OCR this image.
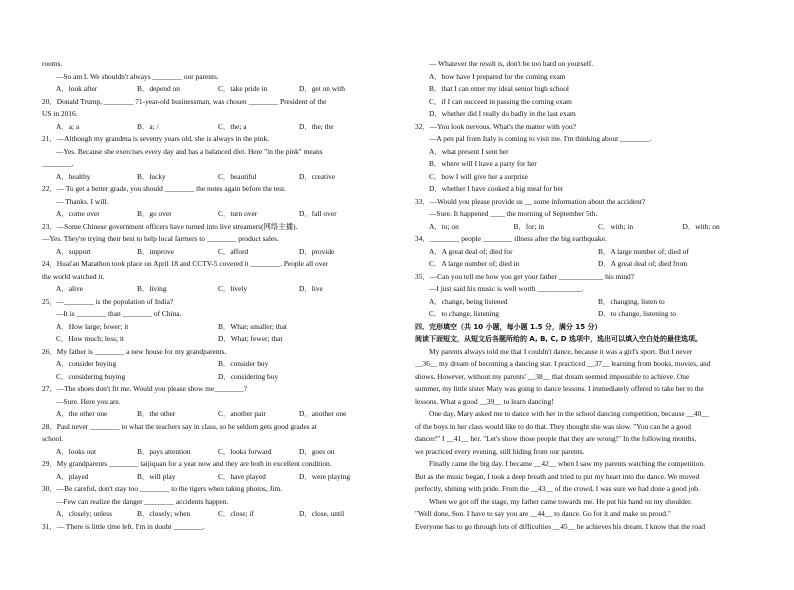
rooms.
—So am I. We shouldn't always ________ our parents.
A．look after	B．depend on	C．take pride in	D．get on with
20．Donald Trump, ________ 71-year-old businessman, was chosen ________ President of the
US in 2016.
A．a; a	B．a; /	C．the; a	D．the; the
21．—Although my grandma is seventy years old, she is always in the pink.
—Yes. Because she exercises every day and has a balanced diet. Here "in the pink" means
________.
A．healthy	B．lucky	C．beautiful	D．creative
22．— To get a better grade, you should ________ the notes again before the test.
— Thanks. I will.
A．come over	B．go over	C．turn over	D．fall over
23．—Some Chinese government officers have turned into live streamers(网络主播).
—Yes. They're trying their best to help local farmers to ________ product sales.
A．support	B．improve	C．afford	D．provide
24．Huai'an Marathon took place on April 18 and CCTV-5 covered it ________. People all over
the world watched it.
A．alive	B．living	C．lively	D．live
25．—________ is the population of India?
—It is ________ than ________ of China.
A．How large; fewer; it	B．What; smaller; that
C．How much; less; it	D．What; fewer; that
26．My father is ________ a new house for my grandparents.
A．consider buying	B．consider buy
C．considering buying	D．considering buy
27．—The shoes don't fit me. Would you please show me________?
—Sure. Here you are.
A．the other one	B．the other	C．another pair	D．another one
28．Paul never ________ to what the teachers say in class, so he seldom gets good grades at
school.
A．looks out	B．pays attention	C．looks forward	D．goes on
29．My grandparents ________ taijiquan for a year now and they are both in excellent condition.
A．played	B．will play	C．have played	D．were playing
30．—Be careful, don't stay too ________ to the tigers when taking photos, Jim.
—Few can realize the danger ________ accidents happen.
A．closely; unless	B．closely; when	C．close; if	D．close, until
31．— There is little time left. I'm in doubt ________.
— Whatever the result is, don't be too hard on yourself.
A．how have I prepared for the coming exam
B．that I can enter my ideal senior high school
C．if I can succeed in passing the coming exam
D．whether did I really do badly in the last exam
32．—You look nervous. What's the matter with you?
—A pen pal from Italy is coming to visit me. I'm thinking about ________.
A．what present I sent her
B．where will I have a party for her
C．how I will give her a surprise
D．whether I have cooked a big meal for her
33．—Would you please provide us __ some information about the accident?
—Sure. It happened ____ the morning of September 5th.
A．to; on	B．for; in	C．with; in	D．with; on
34．________ people ________ illness after the big earthquake.
A．A great deal of; died for	B．A large number of; died of
C．A large number of; died in	D．A great deal of; died from
35．—Can you tell me how you get your father ____________ his mind?
—I just said his music is well worth ____________.
A．change, being listened	B．changing, listen to
C．to change, listening	D．to change, listening to
四、完形填空（共 10 小题，每小题 1.5 分，满分 15 分）
阅读下面短文，从短文后各题所给的 A, B, C, D 选项中，选出可以填入空白处的最佳选项。
My parents always told me that I couldn't dance, because it was a girl's sport. But I never
__36__ my dream of becoming a dancing star. I practiced __37__ learning from books, movies, and
shows. However, without my parents' __38__ that dream seemed impossible to achieve. One
summer, my little sister Mary was going to dance lessons. I immediately offered to take her to the
lessons. What a good __39__ to learn dancing!
One day, Mary asked me to dance with her in the school dancing competition, because __40__
of the boys in her class would like to do that. They thought she was slow. "You can be a good
dancer!" I __41__ her. "Let's show those people that they are wrong!" In the following months,
we practiced every evening, still hiding from our parents.
Finally came the big day. I became __42__ when I saw my parents watching the competition.
But as the music began, I took a deep breath and tried to put my heart into the dance. We moved
perfectly, shining with pride. From the __43__ of the crowd, I was sure we had done a good job.
When we got off the stage, my father came towards me. He put his hand on my shoulder.
"Well done, Son. I have to say you are __44__ to dance. Go for it and make us proud."
Everyone has to go through lots of difficulties __45__ he achieves his dream. I know that the road
